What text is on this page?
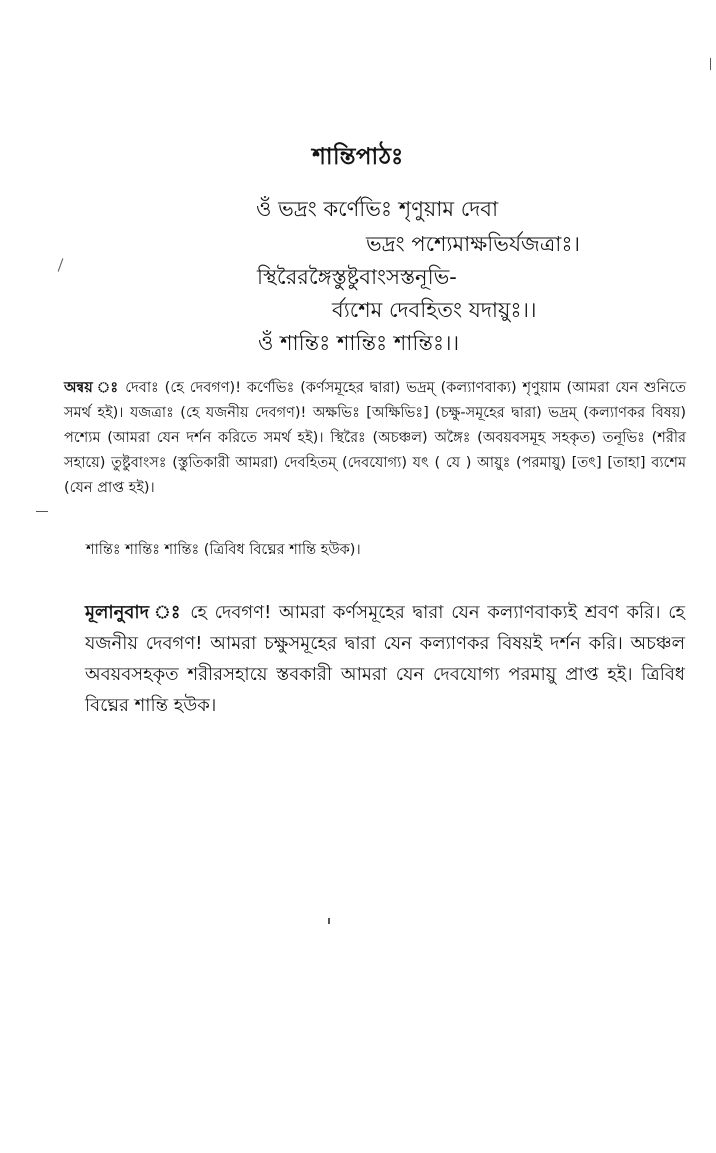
শান্তিপাঠঃ
ওঁ ভদ্রং কর্ণেভিঃ শৃণুয়াম দেবা
ভদ্রং পশ্যেমাক্ষভির্যজত্রাঃ।
স্থিরৈরঙ্গৈস্তুষ্টুবাংসস্তনূভি-
র্ব্যশেম দেবহিতং যদায়ুঃ।।
ওঁ শান্তিঃ শান্তিঃ শান্তিঃ।।
অন্বয় ঃ দেবাঃ (হে দেবগণ)! কর্ণেভিঃ (কর্ণসমূহের দ্বারা) ভদ্রম্ (কল্যাণবাক্য) শৃণুয়াম (আমরা যেন শুনিতে সমর্থ হই)। যজত্রাঃ (হে যজনীয় দেবগণ)! অক্ষভিঃ [অক্ষিভিঃ] (চক্ষু-সমূহের দ্বারা) ভদ্রম্ (কল্যাণকর বিষয়) পশ্যেম (আমরা যেন দর্শন করিতে সমর্থ হই)। স্থিরৈঃ (অচঞ্চল) অঙ্গৈঃ (অবয়বসমূহ সহকৃত) তনূভিঃ (শরীর সহায়ে) তুষ্টুবাংসঃ (স্তুতিকারী আমরা) দেবহিতম্ (দেবযোগ্য) যৎ ( যে ) আয়ুঃ (পরমায়ু) [তৎ] [তাহা] ব্যশেম (যেন প্রাপ্ত হই)।
শান্তিঃ শান্তিঃ শান্তিঃ (ত্রিবিধ বিঘ্নের শান্তি হউক)।
মূলানুবাদ ঃ হে দেবগণ! আমরা কর্ণসমূহের দ্বারা যেন কল্যাণবাক্যই শ্রবণ করি। হে যজনীয় দেবগণ! আমরা চক্ষুসমূহের দ্বারা যেন কল্যাণকর বিষয়ই দর্শন করি। অচঞ্চল অবয়বসহকৃত শরীরসহায়ে স্তবকারী আমরা যেন দেবযোগ্য পরমায়ু প্রাপ্ত হই। ত্রিবিধ বিঘ্নের শান্তি হউক।
